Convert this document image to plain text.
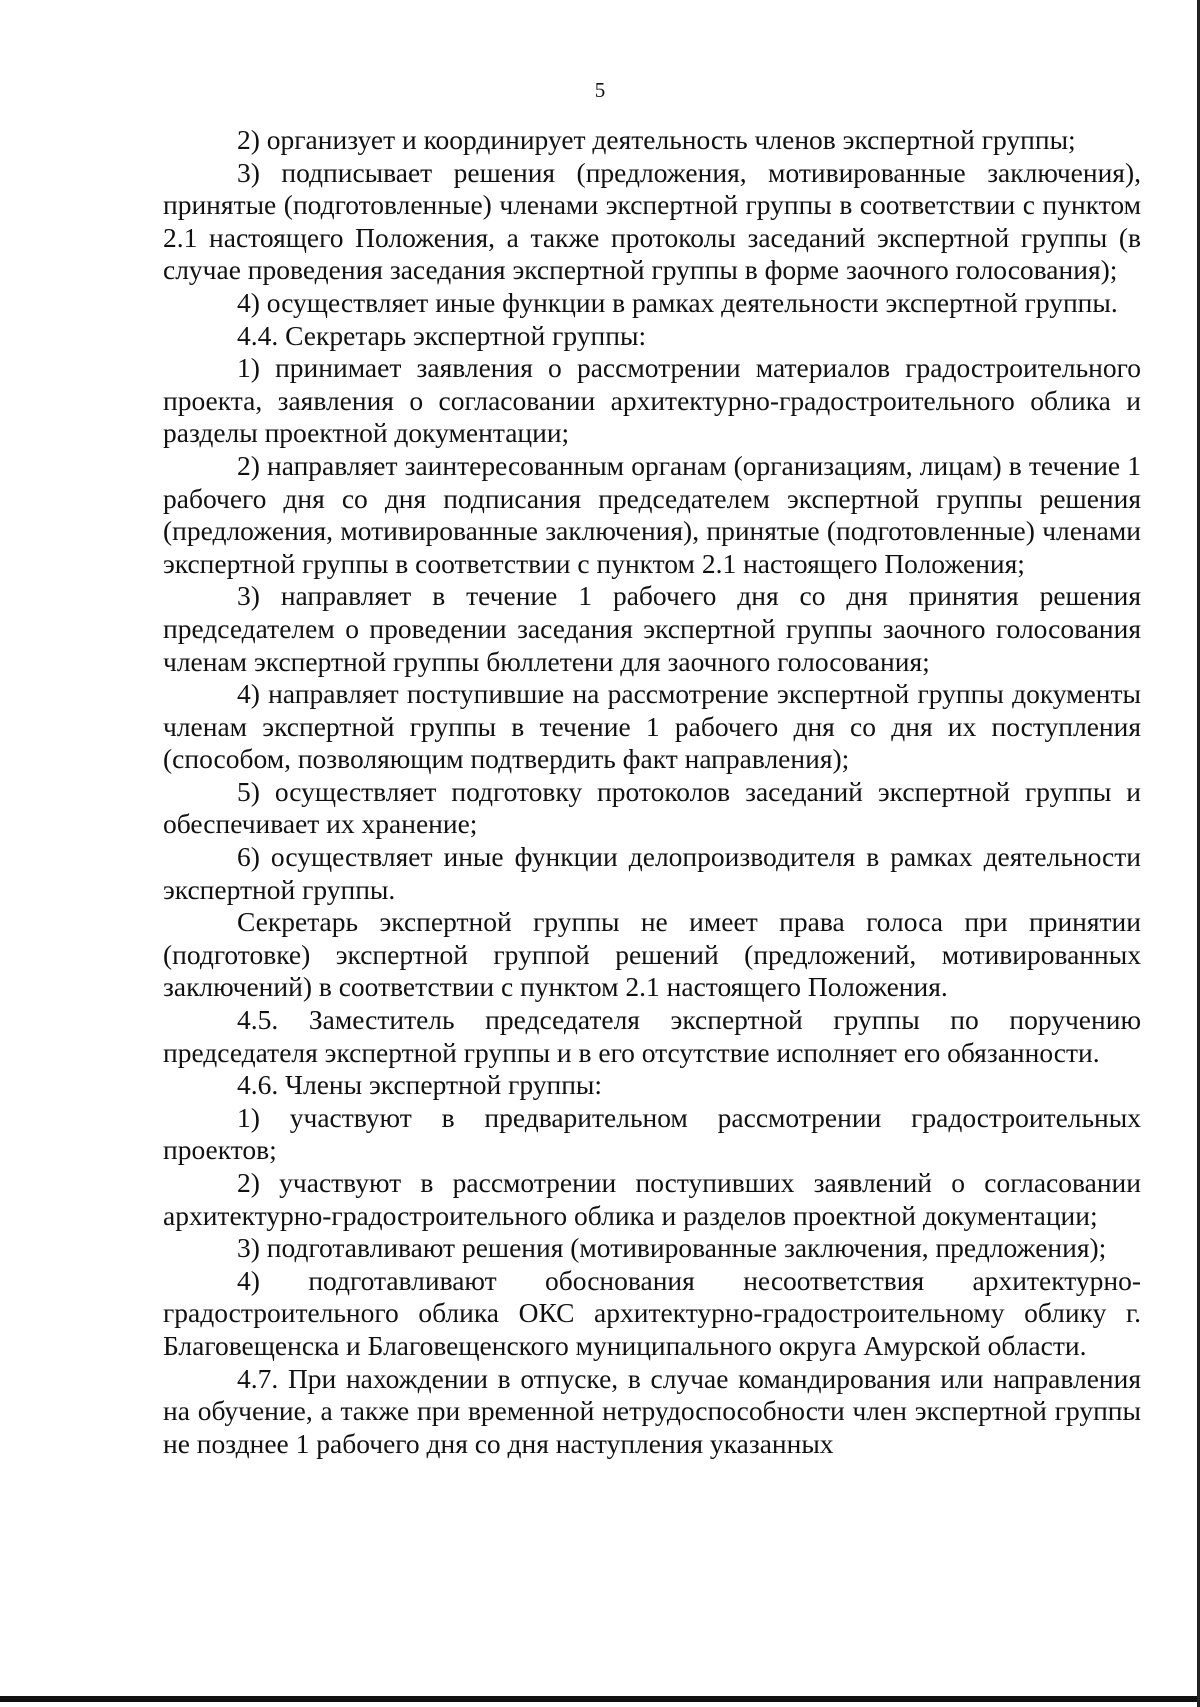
5

2) организует и координирует деятельность членов экспертной группы;

3) подписывает решения (предложения, мотивированные заключения), принятые (подготовленные) членами экспертной группы в соответствии с пунктом 2.1 настоящего Положения, а также протоколы заседаний экспертной группы (в случае проведения заседания экспертной группы в форме заочного голосования);

4) осуществляет иные функции в рамках деятельности экспертной группы.

4.4. Секретарь экспертной группы:

1) принимает заявления о рассмотрении материалов градостроительного проекта, заявления о согласовании архитектурно-градостроительного облика и разделы проектной документации;

2) направляет заинтересованным органам (организациям, лицам) в течение 1 рабочего дня со дня подписания председателем экспертной группы решения (предложения, мотивированные заключения), принятые (подготовленные) членами экспертной группы в соответствии с пунктом 2.1 настоящего Положения;

3) направляет в течение 1 рабочего дня со дня принятия решения председателем о проведении заседания экспертной группы заочного голосования членам экспертной группы бюллетени для заочного голосования;

4) направляет поступившие на рассмотрение экспертной группы документы членам экспертной группы в течение 1 рабочего дня со дня их поступления (способом, позволяющим подтвердить факт направления);

5) осуществляет подготовку протоколов заседаний экспертной группы и обеспечивает их хранение;

6) осуществляет иные функции делопроизводителя в рамках деятельности экспертной группы.

Секретарь экспертной группы не имеет права голоса при принятии (подготовке) экспертной группой решений (предложений, мотивированных заключений) в соответствии с пунктом 2.1 настоящего Положения.

4.5. Заместитель председателя экспертной группы по поручению председателя экспертной группы и в его отсутствие исполняет его обязанности.

4.6. Члены экспертной группы:

1) участвуют в предварительном рассмотрении градостроительных проектов;

2) участвуют в рассмотрении поступивших заявлений о согласовании архитектурно-градостроительного облика и разделов проектной документации;

3) подготавливают решения (мотивированные заключения, предложения);

4) подготавливают обоснования несоответствия архитектурно-градостроительного облика ОКС архитектурно-градостроительному облику г. Благовещенска и Благовещенского муниципального округа Амурской области.

4.7. При нахождении в отпуске, в случае командирования или направления на обучение, а также при временной нетрудоспособности член экспертной группы не позднее 1 рабочего дня со дня наступления указанных
